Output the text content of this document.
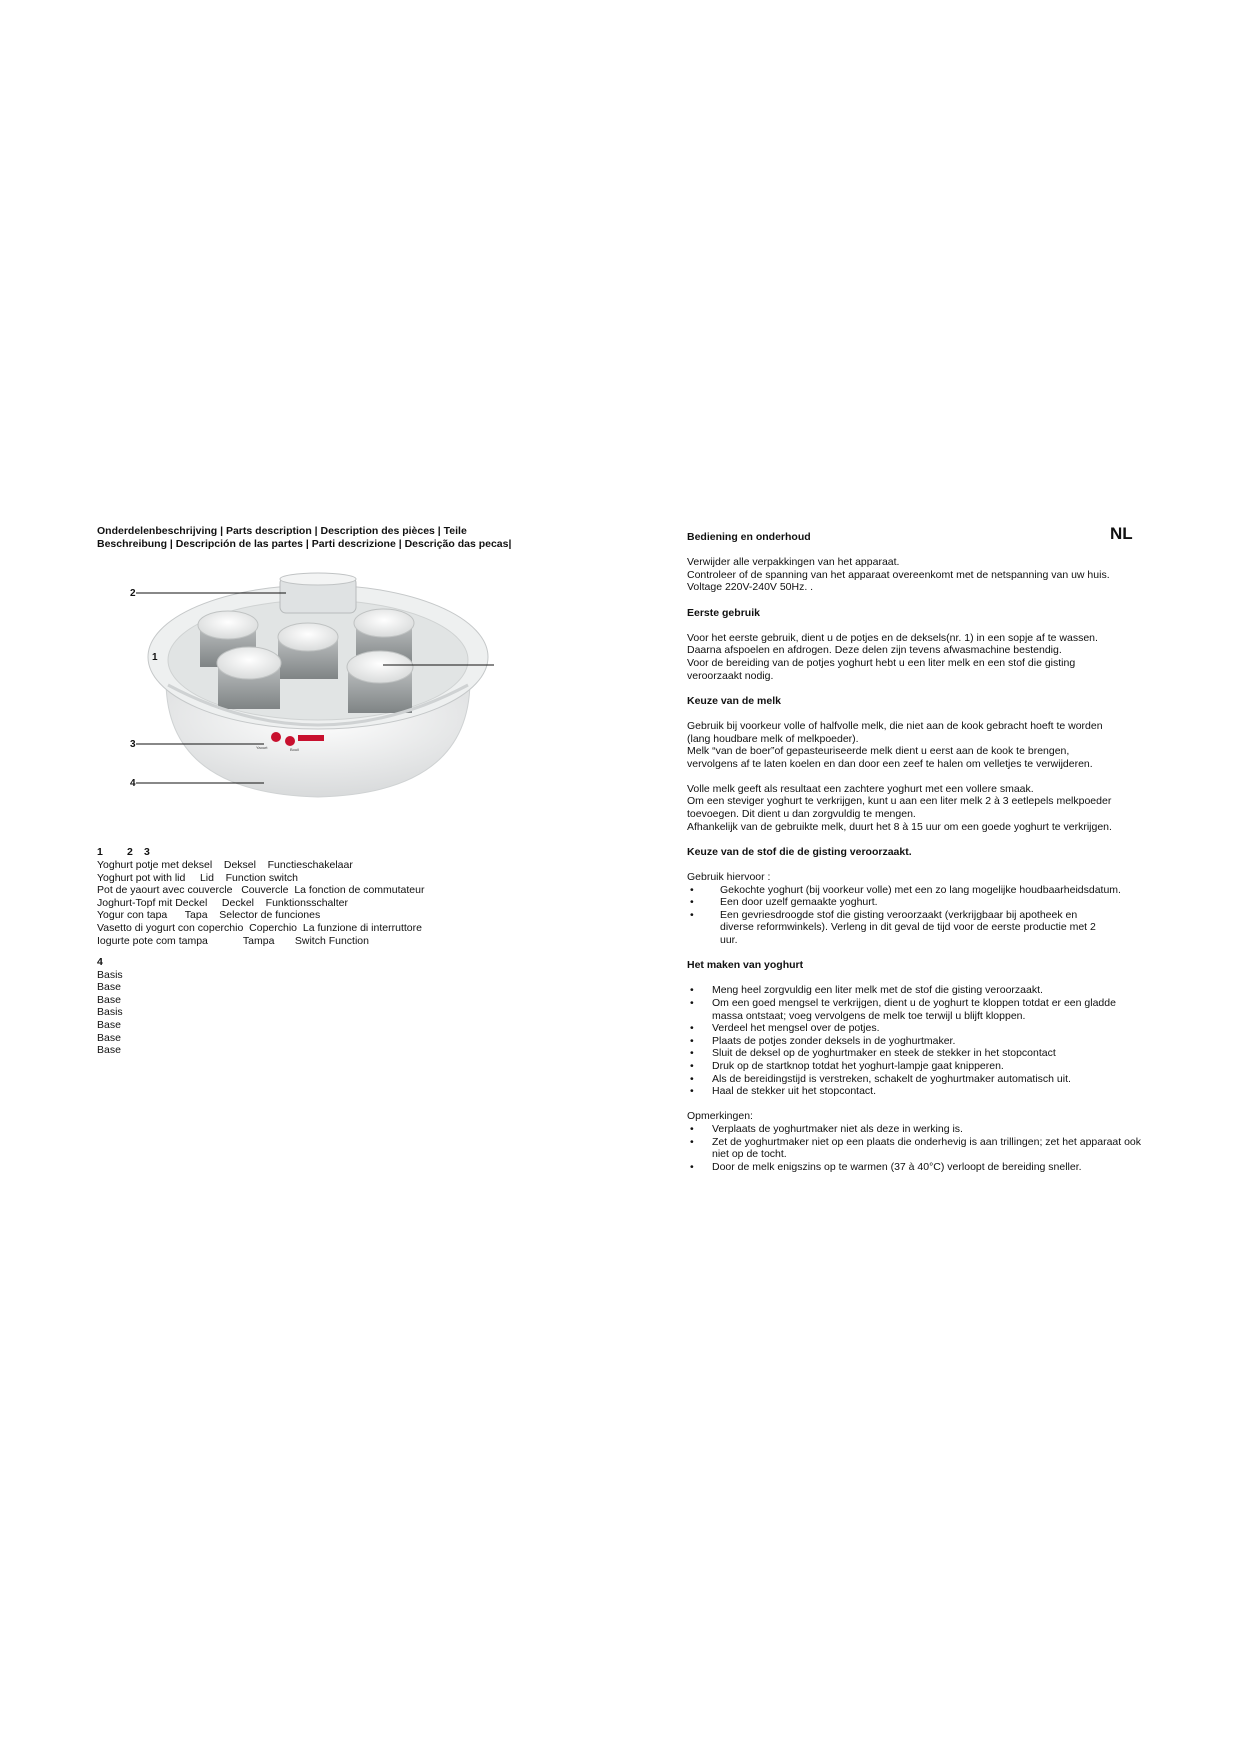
Onderdelenbeschrijving | Parts description | Description des pièces | Teile
Beschreibung | Descripción de las partes | Parti descrizione | Descrição das pecas|
Yaourt	Bouil
2
1
3
4
1 2 3
Yoghurt potje met deksel Deksel Functieschakelaar
Yoghurt pot with lid Lid Function switch
Pot de yaourt avec couvercle Couvercle La fonction de commutateur
Joghurt-Topf mit Deckel Deckel Funktionsschalter
Yogur con tapa Tapa Selector de funciones
Vasetto di yogurt con coperchio Coperchio La funzione di interruttore
Iogurte pote com tampa	Tampa Switch Function
4
Basis
Base
Base
Basis
Base
Base
Base
NL
Bediening en onderhoud
Verwijder alle verpakkingen van het apparaat.
Controleer of de spanning van het apparaat overeenkomt met de netspanning van uw huis.
Voltage 220V-240V 50Hz. .
Eerste gebruik
Voor het eerste gebruik, dient u de potjes en de deksels(nr. 1) in een sopje af te wassen.
Daarna afspoelen en afdrogen. Deze delen zijn tevens afwasmachine bestendig.
Voor de bereiding van de potjes yoghurt hebt u een liter melk en een stof die gisting
veroorzaakt nodig.
Keuze van de melk
Gebruik bij voorkeur volle of halfvolle melk, die niet aan de kook gebracht hoeft te worden
(lang houdbare melk of melkpoeder).
Melk “van de boer”of gepasteuriseerde melk dient u eerst aan de kook te brengen,
vervolgens af te laten koelen en dan door een zeef te halen om velletjes te verwijderen.
Volle melk geeft als resultaat een zachtere yoghurt met een vollere smaak.
Om een steviger yoghurt te verkrijgen, kunt u aan een liter melk 2 à 3 eetlepels melkpoeder
toevoegen. Dit dient u dan zorgvuldig te mengen.
Afhankelijk van de gebruikte melk, duurt het 8 à 15 uur om een goede yoghurt te verkrijgen.
Keuze van de stof die de gisting veroorzaakt.
Gebruik hiervoor :
• Gekochte yoghurt (bij voorkeur volle) met een zo lang mogelijke houdbaarheidsdatum.
• Een door uzelf gemaakte yoghurt.
• Een gevriesdroogde stof die gisting veroorzaakt (verkrijgbaar bij apotheek en diverse reformwinkels). Verleng in dit geval de tijd voor de eerste productie met 2 uur.
Het maken van yoghurt
• Meng heel zorgvuldig een liter melk met de stof die gisting veroorzaakt.
• Om een goed mengsel te verkrijgen, dient u de yoghurt te kloppen totdat er een gladde massa ontstaat; voeg vervolgens de melk toe terwijl u blijft kloppen.
• Verdeel het mengsel over de potjes.
• Plaats de potjes zonder deksels in de yoghurtmaker.
• Sluit de deksel op de yoghurtmaker en steek de stekker in het stopcontact
• Druk op de startknop totdat het yoghurt-lampje gaat knipperen.
• Als de bereidingstijd is verstreken, schakelt de yoghurtmaker automatisch uit.
• Haal de stekker uit het stopcontact.
Opmerkingen:
• Verplaats de yoghurtmaker niet als deze in werking is.
• Zet de yoghurtmaker niet op een plaats die onderhevig is aan trillingen; zet het apparaat ook niet op de tocht.
• Door de melk enigszins op te warmen (37 à 40°C) verloopt de bereiding sneller.
